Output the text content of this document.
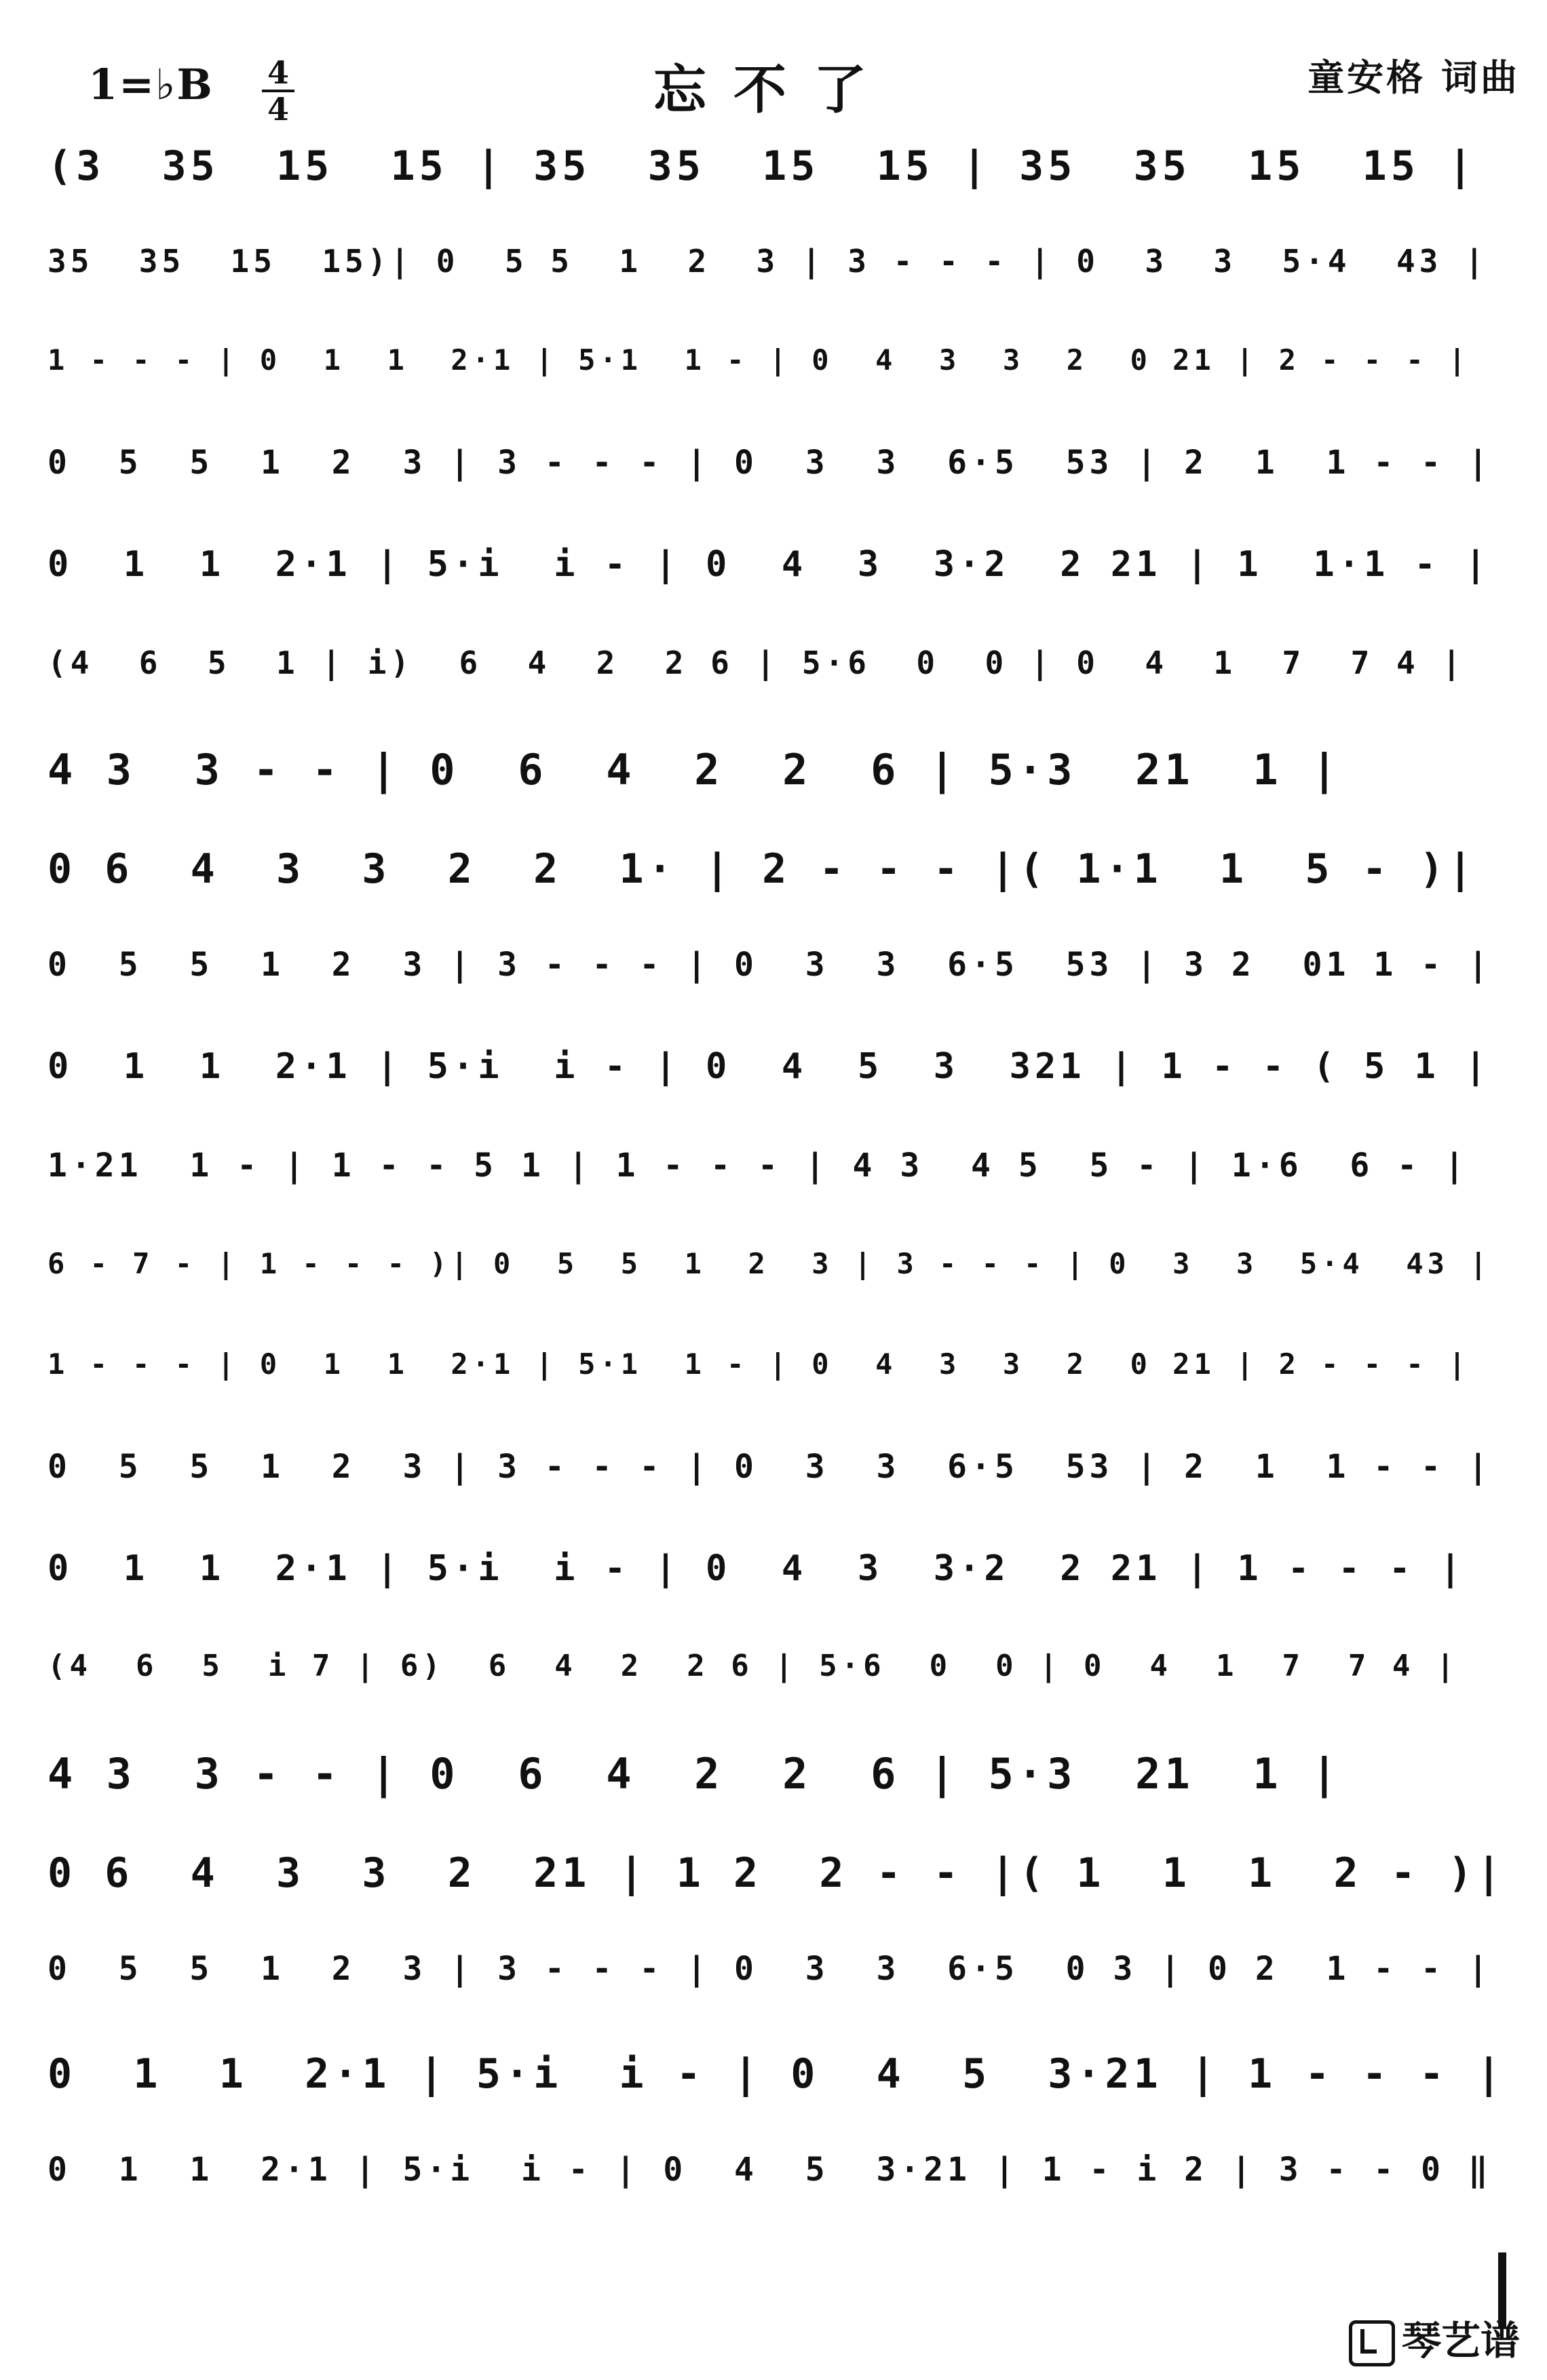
1=♭B	4
4	忘不了	童安格 词曲
(3  35  15  15 | 35  35  15  15 | 35  35  15  15 |
35  35  15  15)| 0  5 5  1  2  3 | 3 - - - | 0  3  3  5·4  43 |
1 - - - | 0  1  1  2·1 | 5·1  1 - | 0  4  3  3  2  0 21 | 2 - - - |
0  5  5  1  2  3 | 3 - - - | 0  3  3  6·5  53 | 2  1  1 - - |
0  1  1  2·1 | 5·i  i - | 0  4  3  3·2  2 21 | 1  1·1 - |
(4  6  5  1 | i)  6  4  2  2 6 | 5·6  0  0 | 0  4  1  7  7 4 |
4 3  3 - - | 0  6  4  2  2  6 | 5·3  21  1 |
0 6  4  3  3  2  2  1· | 2 - - - |( 1·1  1  5 - )|
0  5  5  1  2  3 | 3 - - - | 0  3  3  6·5  53 | 3 2  01 1 - |
0  1  1  2·1 | 5·i  i - | 0  4  5  3  321 | 1 - - ( 5 1 |
1·21  1 - | 1 - - 5 1 | 1 - - - | 4 3  4 5  5 - | 1·6  6 - |
6 - 7 - | 1 - - - )| 0  5  5  1  2  3 | 3 - - - | 0  3  3  5·4  43 |
1 - - - | 0  1  1  2·1 | 5·1  1 - | 0  4  3  3  2  0 21 | 2 - - - |
0  5  5  1  2  3 | 3 - - - | 0  3  3  6·5  53 | 2  1  1 - - |
0  1  1  2·1 | 5·i  i - | 0  4  3  3·2  2 21 | 1 - - - |
(4  6  5  i 7 | 6)  6  4  2  2 6 | 5·6  0  0 | 0  4  1  7  7 4 |
4 3  3 - - | 0  6  4  2  2  6 | 5·3  21  1 |
0 6  4  3  3  2  21 | 1 2  2 - - |( 1  1  1  2 - )|
0  5  5  1  2  3 | 3 - - - | 0  3  3  6·5  0 3 | 0 2  1 - - |
0  1  1  2·1 | 5·i  i - | 0  4  5  3·21 | 1 - - - |
0  1  1  2·1 | 5·i  i - | 0  4  5  3·21 | 1 - i 2 | 3 - - 0 ‖
琴艺谱
